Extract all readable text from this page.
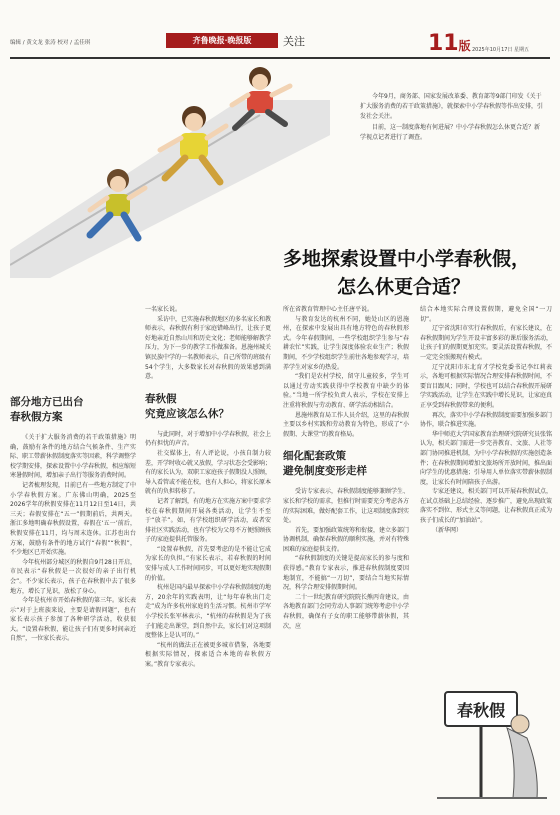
编辑 / 黄文龙 张涛 校对 / 孟佳琪	齐鲁晚报·晚报版	关注	11版 2025年10月17日 星期五

今年9月，商务部、国家发展改革委、教育部等9部门印发《关于扩大服务消费的若干政策措施》，就探索中小学春秋假等作出安排，引发社会关注。

目前，这一制度落地有何进展？中小学春秋假怎么休更合适？新学视点记者进行了调查。

多地探索设置中小学春秋假，
怎么休更合适？

部分地方已出台

春秋假方案

《关于扩大服务消费的若干政策措施》明确，鼓励有条件的地方结合气候条件、生产实际、职工带薪休假制度落实等因素，科学调整学校学期安排，探索设置中小学春秋假，相应缩短寒暑假时间，增加亲子出行等服务消费时间。

记者梳理发现，目前已有一些地方制定了中小学春秋假方案。广东佛山明确，2025至2026学年的秋假安排在11月12日至14日，共三天；春假安排在“五一”假期前后，共两天。浙江多地明确春秋假设置，春假在‘五一’前后，秋假安排在11月，均与周末连休。江苏也出台方案，鼓励有条件的地方试行“春假”“秋假”，不少地区已开始实施。

今年杭州部分城区的秋假自9月28日开启，市民表示“春秋假是一次很好的亲子出行机会”。不少家长表示，孩子在春秋假中去了很多地方，增长了见识，放松了身心。

今年是杭州市开始春秋假的第三年。家长表示“对于上班族来说，主要是请假问题”，也有家长表示孩子参加了各种研学活动，收获很大。“设置春秋假，能让孩子们有更多时间亲近自然”，一位家长表示。

一名家长说。

采访中，已实施春秋假地区的多名家长和教师表示，春秋假有利于家庭错峰出行，让孩子更好地亲近自然山川和历史文化；老师能够解教学压力，为下一步的教学工作做准备。恩施州城关镇民族中学的一名教师表示，自己所带的班级有54个学生，大多数家长对春秋假的效果感到满意。

春秋假

究竟应该怎么休？

与此同时，对于增加中小学春秋假，社会上仍有担忧的声音。

社交媒体上，有人评论说，小孩自制力较差，开学时收心就又放假，学习状态会受影响；有的家长认为，双职工家庭孩子假期没人照顾，导入看管或不能在校，也有人担心，将家长原本就有的负担转移了。

记者了解到，有的地方在实施方案中要求学校在春秋假期间开展各类活动，让学生不至于“放羊”。如，有学校组织研学活动，或者安排社区实践活动，也有学校为父母不方便照顾孩子的家庭提供托管服务。

“设置春秋假，首先要考虑的是不能让它成为家长的负担。”有家长表示，若春秋假的时间安排与成人工作时间同步，可以更好地实现假期的价值。

杭州是国内最早探索中小学春秋假制度的地方，20余年的实践表明，让“每年春秋出门走走”成为许多杭州家庭的生活习惯。杭州市学军小学校长张军林表示，“杭州的春秋假是为了孩子们能走出课堂，到自然中去，家长们对这项制度整体上是认可的。”

“杭州的做法正在被更多城市借鉴，各地要根据实际情况，探索适合本地的春秋假方案。”教育专家表示。

所在省教育管理中心主任唐平说。

与教育发达的杭州不同，她处山区的恩施州，在探索中发展出具有地方特色的春秋假形式。今年春假期间，一些学校组织学生参与“春耕农忙”实践，让学生深度体验农业生产；秋假期间，不少学校组织学生前往各地参观学习，培养学生对家乡的热爱。

“我们是农村学校，留守儿童较多，学生可以通过劳动实践获得中学校教育中缺少的体验。”当地一所学校负责人表示，学校在安排上注重将秋假与劳动教育、研学活动相结合。

恩施州教育局工作人员介绍，这里的春秋假主要以乡村实践和劳动教育为特色，形成了“小假期、大课堂”的教育格局。

细化配套政策

避免制度变形走样

受访专家表示，春秋假制度能够兼顾学生、家长和学校的需求，但推行时需要充分考虑各方的实际困难，做好配套工作，让这项制度落到实处。

首先，要加强政策统筹和衔接，建立多部门协调机制，确保春秋假的顺利实施，并对有特殊困难的家庭提供支持。

“春秋假制度的关键是提高家长的参与度和获得感。”教育专家表示，推进春秋假制度要因地制宜，不能搞“一刀切”，要结合当地实际情况，科学合理安排假期时间。

二十一世纪教育研究院院长熊丙奇建议，由各地教育部门会同劳动人事部门统筹考虑中小学春秋假，确保有子女的职工能够带薪休假，其次，应

结合本地实际合理设置假期，避免全国“一刀切”。

辽宁省沈阳市实行春秋假后，有家长建议，在春秋假期间为学生开设丰富多彩的课后服务活动，让孩子们的假期更加充实。要灵活设置春秋假，不一定完全照搬现有模式。

辽宁沈阳市东北育才学校党委书记李红莉表示，各地可根据实际情况合理安排春秋假时间，不要盲目跟风；同时，学校也可以结合春秋假开展研学实践活动，让学生在实践中增长见识，让家庭真正享受到春秋假带来的便利。

再次，落实中小学春秋假制度需要加强多部门协作，联合推进实施。

华中师范大学国家教育治理研究院研究员张铭认为，相关部门需进一步完善教育、文旅、人社等部门协同推进机制，为中小学春秋假的实施创造条件；在春秋假期间增加文旅场所开放时间，推出面向学生的优惠措施；引导用人单位落实带薪休假制度，让家长有时间陪孩子出游。

专家还建议，相关部门可以开展春秋假试点，在试点基础上总结经验、逐步推广，避免出现政策落实不到位、形式主义等问题，让春秋假真正成为孩子们成长的“加油站”。

（新华网）

春秋假
